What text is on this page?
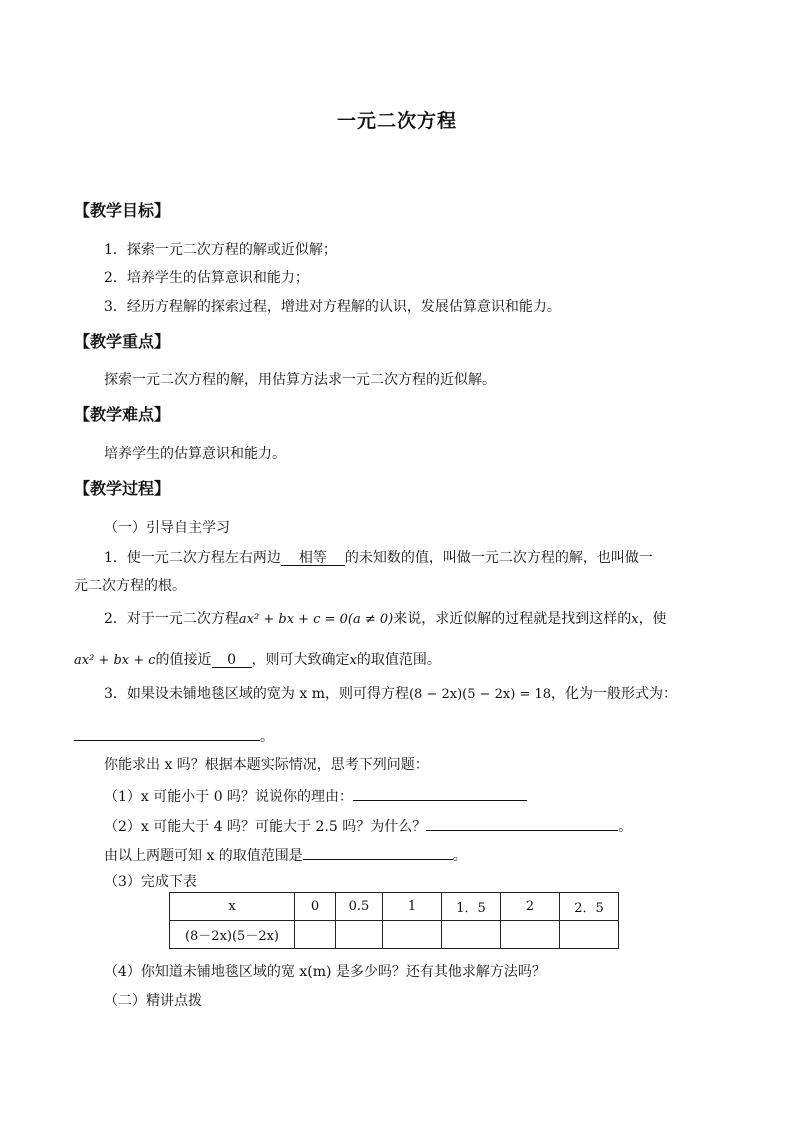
一元二次方程
【教学目标】
1．探索一元二次方程的解或近似解；
2．培养学生的估算意识和能力；
3．经历方程解的探索过程，增进对方程解的认识，发展估算意识和能力。
【教学重点】
探索一元二次方程的解，用估算方法求一元二次方程的近似解。
【教学难点】
培养学生的估算意识和能力。
【教学过程】
（一）引导自主学习
1．使一元二次方程左右两边 相等 的未知数的值，叫做一元二次方程的解，也叫做一
元二次方程的根。
2．对于一元二次方程ax² + bx + c = 0(a ≠ 0)来说，求近似解的过程就是找到这样的x，使
ax² + bx + c的值接近 0 ，则可大致确定x的取值范围。
3．如果设未铺地毯区域的宽为 x m，则可得方程(8 − 2x)(5 − 2x) = 18，化为一般形式为：
。
你能求出 x 吗？根据本题实际情况，思考下列问题：
（1）x 可能小于 0 吗？说说你的理由：
（2）x 可能大于 4 吗？可能大于 2.5 吗？为什么？	。
由以上两题可知 x 的取值范围是	。
（3）完成下表
x	0	0.5	1	1．5	2	2．5
(8－2x)(5－2x)						
（4）你知道未铺地毯区域的宽 x(m) 是多少吗？还有其他求解方法吗？
（二）精讲点拨
